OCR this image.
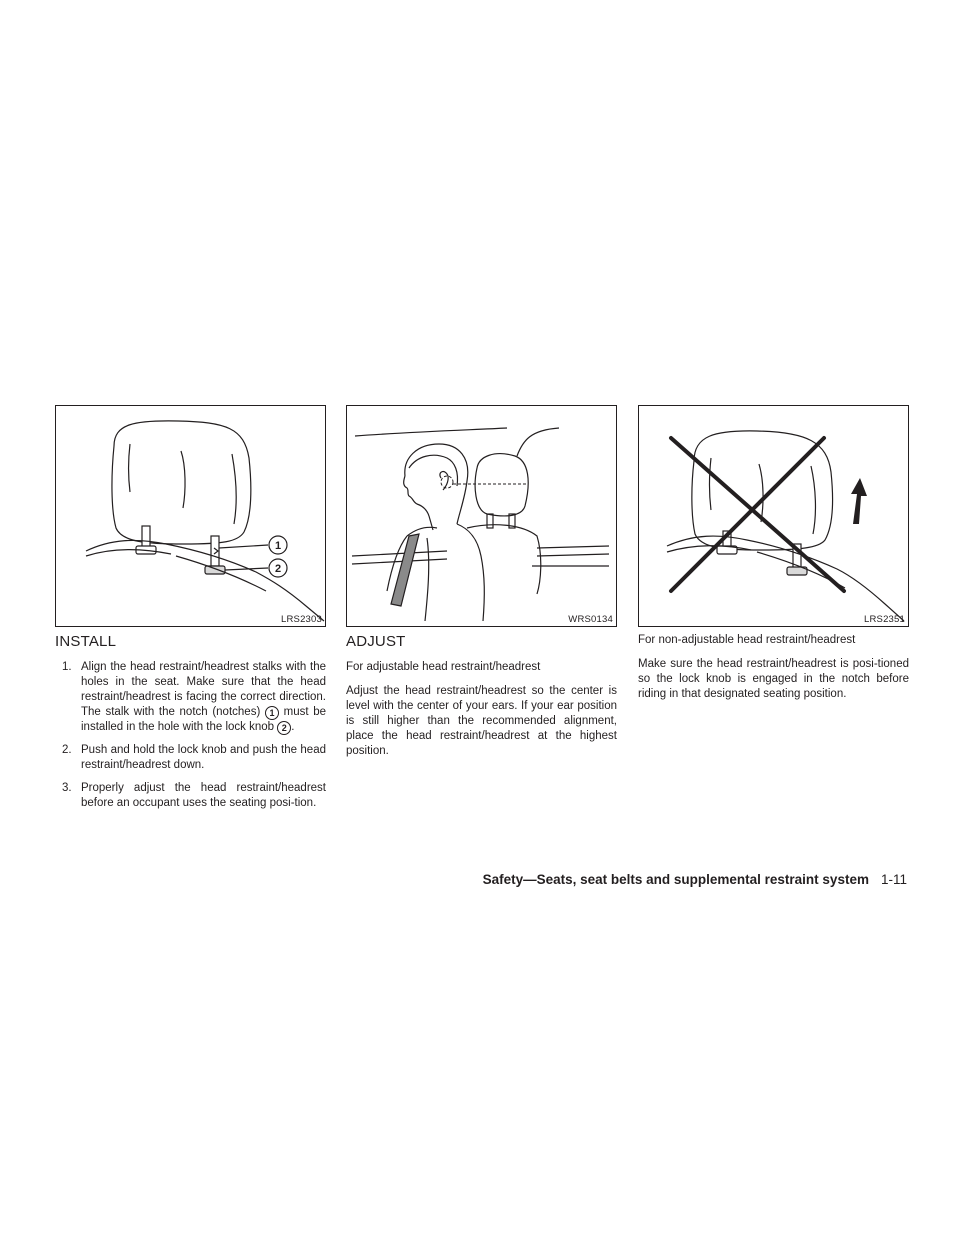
1
2
LRS2303
INSTALL
1. Align the head restraint/headrest stalks with the holes in the seat. Make sure that the head restraint/headrest is facing the correct direction. The stalk with the notch (notches) 1 must be installed in the hole with the lock knob 2 .
2. Push and hold the lock knob and push the head restraint/headrest down.
3. Properly adjust the head restraint/headrest before an occupant uses the seating posi-tion.
WRS0134
ADJUST
For adjustable head restraint/headrest

Adjust the head restraint/headrest so the center is level with the center of your ears. If your ear position is still higher than the recommended alignment, place the head restraint/headrest at the highest position.

LRS2351
For non-adjustable head restraint/headrest

Make sure the head restraint/headrest is posi-tioned so the lock knob is engaged in the notch before riding in that designated seating position.

Safety—Seats, seat belts and supplemental restraint system 1-11
